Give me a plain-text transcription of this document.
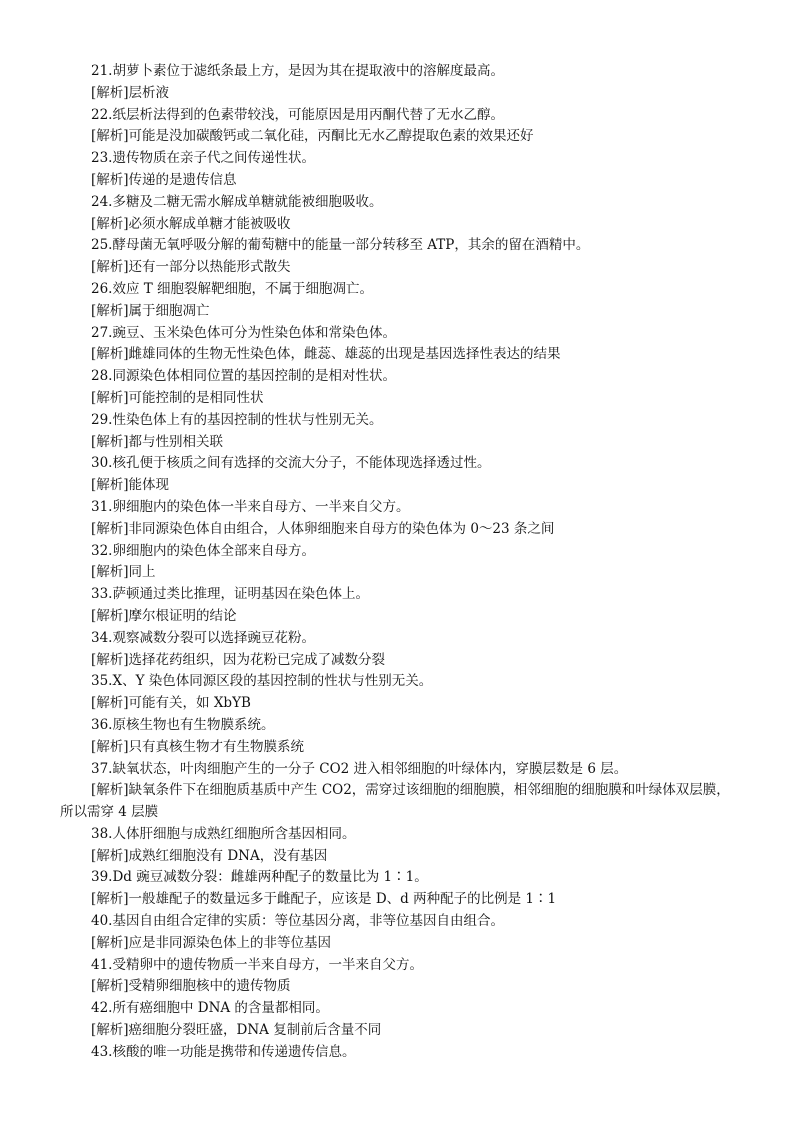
21.胡萝卜素位于滤纸条最上方，是因为其在提取液中的溶解度最高。
[解析]层析液
22.纸层析法得到的色素带较浅，可能原因是用丙酮代替了无水乙醇。
[解析]可能是没加碳酸钙或二氧化硅，丙酮比无水乙醇提取色素的效果还好
23.遗传物质在亲子代之间传递性状。
[解析]传递的是遗传信息
24.多糖及二糖无需水解成单糖就能被细胞吸收。
[解析]必须水解成单糖才能被吸收
25.酵母菌无氧呼吸分解的葡萄糖中的能量一部分转移至 ATP，其余的留在酒精中。
[解析]还有一部分以热能形式散失
26.效应 T 细胞裂解靶细胞，不属于细胞凋亡。
[解析]属于细胞凋亡
27.豌豆、玉米染色体可分为性染色体和常染色体。
[解析]雌雄同体的生物无性染色体，雌蕊、雄蕊的出现是基因选择性表达的结果
28.同源染色体相同位置的基因控制的是相对性状。
[解析]可能控制的是相同性状
29.性染色体上有的基因控制的性状与性别无关。
[解析]都与性别相关联
30.核孔便于核质之间有选择的交流大分子，不能体现选择透过性。
[解析]能体现
31.卵细胞内的染色体一半来自母方、一半来自父方。
[解析]非同源染色体自由组合，人体卵细胞来自母方的染色体为 0～23 条之间
32.卵细胞内的染色体全部来自母方。
[解析]同上
33.萨顿通过类比推理，证明基因在染色体上。
[解析]摩尔根证明的结论
34.观察减数分裂可以选择豌豆花粉。
[解析]选择花药组织，因为花粉已完成了减数分裂
35.X、Y 染色体同源区段的基因控制的性状与性别无关。
[解析]可能有关，如 XbYB
36.原核生物也有生物膜系统。
[解析]只有真核生物才有生物膜系统
37.缺氧状态，叶肉细胞产生的一分子 CO2 进入相邻细胞的叶绿体内，穿膜层数是 6 层。
[解析]缺氧条件下在细胞质基质中产生 CO2，需穿过该细胞的细胞膜，相邻细胞的细胞膜和叶绿体双层膜，所以需穿 4 层膜
38.人体肝细胞与成熟红细胞所含基因相同。
[解析]成熟红细胞没有 DNA，没有基因
39.Dd 豌豆减数分裂：雌雄两种配子的数量比为 1∶1。
[解析]一般雄配子的数量远多于雌配子，应该是 D、d 两种配子的比例是 1∶1
40.基因自由组合定律的实质：等位基因分离，非等位基因自由组合。
[解析]应是非同源染色体上的非等位基因
41.受精卵中的遗传物质一半来自母方，一半来自父方。
[解析]受精卵细胞核中的遗传物质
42.所有癌细胞中 DNA 的含量都相同。
[解析]癌细胞分裂旺盛，DNA 复制前后含量不同
43.核酸的唯一功能是携带和传递遗传信息。
